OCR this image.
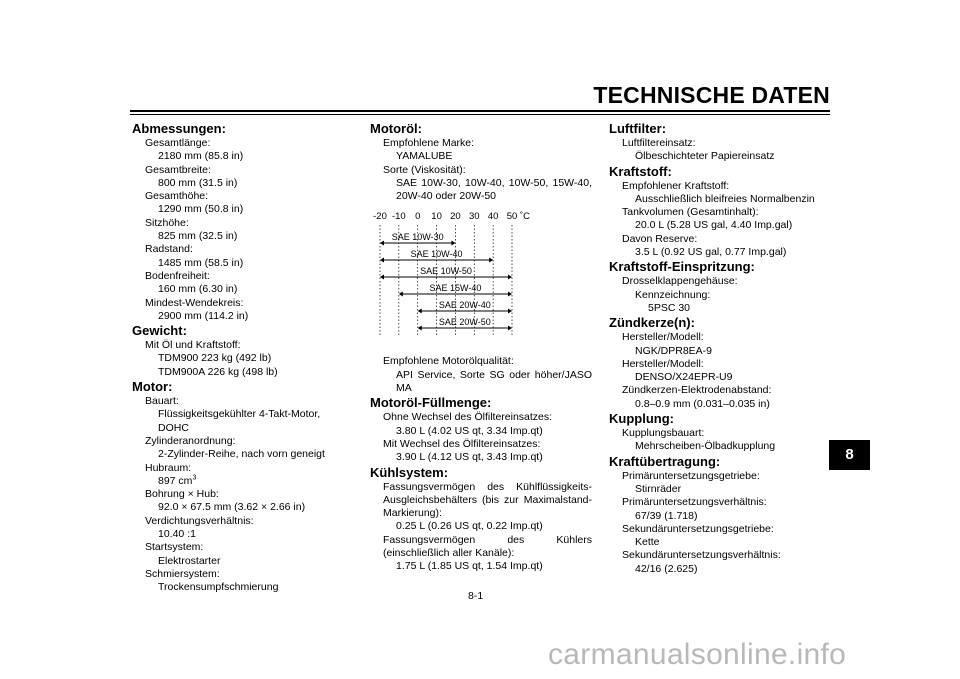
TECHNISCHE DATEN
8
Abmessungen:
Gesamtlänge:
2180 mm (85.8 in)
Gesamtbreite:
800 mm (31.5 in)
Gesamthöhe:
1290 mm (50.8 in)
Sitzhöhe:
825 mm (32.5 in)
Radstand:
1485 mm (58.5 in)
Bodenfreiheit:
160 mm (6.30 in)
Mindest-Wendekreis:
2900 mm (114.2 in)
Gewicht:
Mit Öl und Kraftstoff:
TDM900 223 kg (492 lb)
TDM900A 226 kg (498 lb)
Motor:
Bauart:
Flüssigkeitsgekühlter 4-Takt-Motor, DOHC
Zylinderanordnung:
2-Zylinder-Reihe, nach vorn geneigt
Hubraum:
897 $cm^3$
Bohrung × Hub:
92.0 × 67.5 mm (3.62 × 2.66 in)
Verdichtungsverhältnis:
10.40 :1
Startsystem:
Elektrostarter
Schmiersystem:
Trockensumpfschmierung
Motoröl:
Empfohlene Marke:
YAMALUBE
Sorte (Viskosität):
SAE 10W-30, 10W-40, 10W-50, 15W-40, 20W-40 oder 20W-50
-20 -10 0 10 20 30 40 50 ˚C
SAE 10W-30
SAE 10W-40
SAE 10W-50
SAE 15W-40
SAE 20W-40
SAE 20W-50
Empfohlene Motorölqualität:
API Service, Sorte SG oder höher/JASO MA
Motoröl-Füllmenge:
Ohne Wechsel des Ölfiltereinsatzes:
3.80 L (4.02 US qt, 3.34 Imp.qt)
Mit Wechsel des Ölfiltereinsatzes:
3.90 L (4.12 US qt, 3.43 Imp.qt)
Kühlsystem:
Fassungsvermögen des Kühlflüssigkeits-Ausgleichsbehälters (bis zur Maximalstand-Markierung):
0.25 L (0.26 US qt, 0.22 Imp.qt)
Fassungsvermögen des Kühlers (einschließlich aller Kanäle):
1.75 L (1.85 US qt, 1.54 Imp.qt)
Luftfilter:
Luftfiltereinsatz:
Ölbeschichteter Papiereinsatz
Kraftstoff:
Empfohlener Kraftstoff:
Ausschließlich bleifreies Normalbenzin
Tankvolumen (Gesamtinhalt):
20.0 L (5.28 US gal, 4.40 Imp.gal)
Davon Reserve:
3.5 L (0.92 US gal, 0.77 Imp.gal)
Kraftstoff-Einspritzung:
Drosselklappengehäuse:
Kennzeichnung:
5PSC 30
Zündkerze(n):
Hersteller/Modell:
NGK/DPR8EA-9
Hersteller/Modell:
DENSO/X24EPR-U9
Zündkerzen-Elektrodenabstand:
0.8–0.9 mm (0.031–0.035 in)
Kupplung:
Kupplungsbauart:
Mehrscheiben-Ölbadkupplung
Kraftübertragung:
Primäruntersetzungsgetriebe:
Stirnräder
Primäruntersetzungsverhältnis:
67/39 (1.718)
Sekundäruntersetzungsgetriebe:
Kette
Sekundäruntersetzungsverhältnis:
42/16 (2.625)
8-1
carmanualsonline.info
